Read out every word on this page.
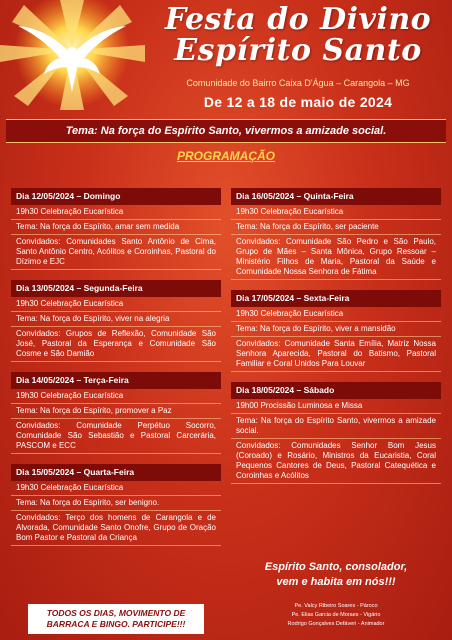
Festa do Divino
Espírito Santo
Comunidade do Bairro Caixa D'Água – Carangola – MG
De 12 a 18 de maio de 2024
Tema: Na força do Espírito Santo, vivermos a amizade social.
PROGRAMAÇÃO
Dia 12/05/2024 – Domingo
19h30 Celebração Eucarística
Tema: Na força do Espírito, amar sem medida
Convidados: Comunidades Santo Antônio de Cima, Santo Antônio Centro, Acólitos e Coroinhas, Pastoral do Dízimo e EJC
Dia 13/05/2024 – Segunda-Feira
19h30 Celebração Eucarística
Tema: Na força do Espírito, viver na alegria
Convidados: Grupos de Reflexão, Comunidade São José, Pastoral da Esperança e Comunidade São Cosme e São Damião
Dia 14/05/2024 – Terça-Feira
19h30 Celebração Eucarística
Tema: Na força do Espírito, promover a Paz
Convidados: Comunidade Perpétuo Socorro, Comunidade São Sebastião e Pastoral Carcerária, PASCOM e ECC
Dia 15/05/2024 – Quarta-Feira
19h30 Celebração Eucarística
Tema: Na força do Espírito, ser benigno.
Convidados: Terço dos homens de Carangola e de Alvorada, Comunidade Santo Onofre, Grupo de Oração Bom Pastor e Pastoral da Criança
Dia 16/05/2024 – Quinta-Feira
19h30 Celebração Eucarística
Tema: Na força do Espírito, ser paciente
Convidados: Comunidade São Pedro e São Paulo, Grupo de Mães – Santa Mônica, Grupo Ressoar – Ministério Filhos de Maria, Pastoral da Saúde e Comunidade Nossa Senhora de Fátima
Dia 17/05/2024 – Sexta-Feira
19h30 Celebração Eucarística
Tema: Na força do Espírito, viver a mansidão
Convidados: Comunidade Santa Emília, Matriz Nossa Senhora Aparecida, Pastoral do Batismo, Pastoral Familiar e Coral Unidos Para Louvar
Dia 18/05/2024 – Sábado
19h00 Procissão Luminosa e Missa
Tema: Na força do Espírito Santo, vivermos a amizade social.
Convidados: Comunidades Senhor Bom Jesus (Coroado) e Rosário, Ministros da Eucaristia, Coral Pequenos Cantores de Deus, Pastoral Catequética e Coroinhas e Acólitos
Espírito Santo, consolador,
vem e habita em nós!!!
TODOS OS DIAS, MOVIMENTO DE
BARRACA E BINGO. PARTICIPE!!!
Pe. Valcy Ribeiro Soares - Pároco
Pe. Elias Garcia de Moraes - Vigário
Rodrigo Gonçalves Defáveri - Animador
